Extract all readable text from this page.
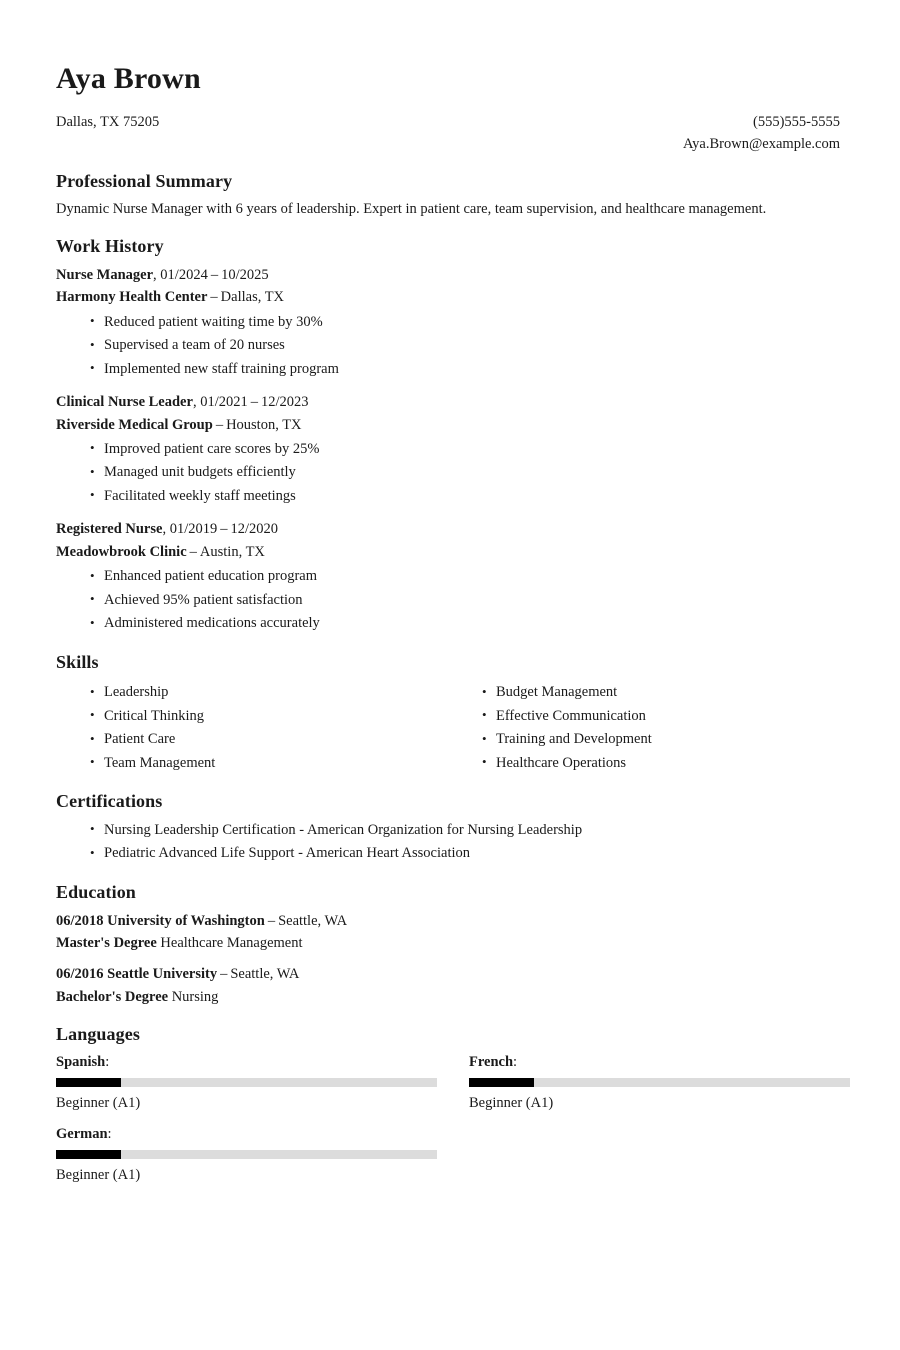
Aya Brown
Dallas, TX 75205	(555)555-5555
Aya.Brown@example.com
Professional Summary

Dynamic Nurse Manager with 6 years of leadership. Expert in patient care, team supervision, and healthcare management.

Work History
Nurse Manager, 01/2024 – 10/2025
Harmony Health Center – Dallas, TX
• Reduced patient waiting time by 30%
• Supervised a team of 20 nurses
• Implemented new staff training program
Clinical Nurse Leader, 01/2021 – 12/2023
Riverside Medical Group – Houston, TX
• Improved patient care scores by 25%
• Managed unit budgets efficiently
• Facilitated weekly staff meetings
Registered Nurse, 01/2019 – 12/2020
Meadowbrook Clinic – Austin, TX
• Enhanced patient education program
• Achieved 95% patient satisfaction
• Administered medications accurately
Skills
• Leadership
• Critical Thinking
• Patient Care
• Team Management
• Budget Management
• Effective Communication
• Training and Development
• Healthcare Operations
Certifications
• Nursing Leadership Certification - American Organization for Nursing Leadership
• Pediatric Advanced Life Support - American Heart Association
Education
06/2018 University of Washington – Seattle, WA
Master's Degree Healthcare Management
06/2016 Seattle University – Seattle, WA
Bachelor's Degree Nursing
Languages
Spanish:
Beginner (A1)
French:
Beginner (A1)
German:
Beginner (A1)
